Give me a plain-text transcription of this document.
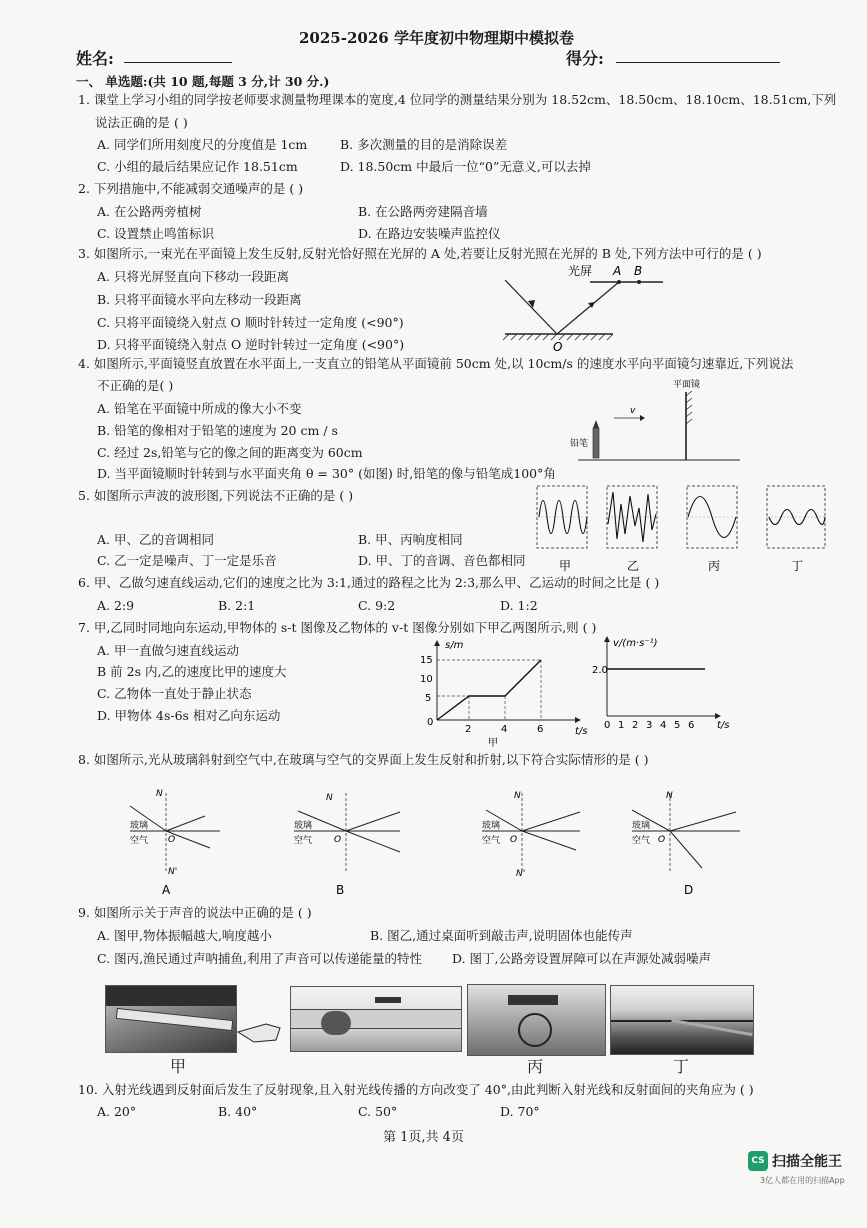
2025-2026 学年度初中物理期中模拟卷
姓名:	得分:
一、 单选题:(共 10 题,每题 3 分,计 30 分.)
1. 课堂上学习小组的同学按老师要求测量物理课本的宽度,4 位同学的测量结果分别为 18.52cm、18.50cm、18.10cm、18.51cm,下列
说法正确的是 ( )
A. 同学们所用刻度尺的分度值是 1cm	B. 多次测量的目的是消除误差
C. 小组的最后结果应记作 18.51cm	D. 18.50cm 中最后一位“0”无意义,可以去掉
2. 下列措施中,不能减弱交通噪声的是 ( )
A. 在公路两旁植树	B. 在公路两旁建隔音墙
C. 设置禁止鸣笛标识	D. 在路边安装噪声监控仪
3. 如图所示,一束光在平面镜上发生反射,反射光恰好照在光屏的 A 处,若要让反射光照在光屏的 B 处,下列方法中可行的是 ( )
A. 只将光屏竖直向下移动一段距离
B. 只将平面镜水平向左移动一段距离
C. 只将平面镜绕入射点 O 顺时针转过一定角度 (<90°)
D. 只将平面镜绕入射点 O 逆时针转过一定角度 (<90°)
光屏 A B
O
4. 如图所示,平面镜竖直放置在水平面上,一支直立的铅笔从平面镜前 50cm 处,以 10cm/s 的速度水平向平面镜匀速靠近,下列说法
不正确的是( )
A. 铅笔在平面镜中所成的像大小不变
B. 铅笔的像相对于铅笔的速度为 20 cm / s
C. 经过 2s,铅笔与它的像之间的距离变为 60cm
D. 当平面镜顺时针转到与水平面夹角 θ = 30° (如图) 时,铅笔的像与铅笔成100°角
平面镜
铅笔
v
5. 如图所示声波的波形图,下列说法不正确的是 ( )
A. 甲、乙的音调相同	B. 甲、丙响度相同
C. 乙一定是噪声、丁一定是乐音	D. 甲、丁的音调、音色都相同	甲	乙	丙	丁
6. 甲、乙做匀速直线运动,它们的速度之比为 3:1,通过的路程之比为 2:3,那么甲、乙运动的时间之比是 ( )
A. 2:9	B. 2:1	C. 9:2	D. 1:2
7. 甲,乙同时同地向东运动,甲物体的 s-t 图像及乙物体的 v-t 图像分别如下甲乙两图所示,则 ( )
A. 甲一直做匀速直线运动
B 前 2s 内,乙的速度比甲的速度大
C. 乙物体一直处于静止状态
D. 甲物体 4s-6s 相对乙向东运动
s/m
t/s
15
10
5
0
2	4	6
甲
v/(m·s⁻¹)
t/s
2.0
0 1 2 3 4 5 6
8. 如图所示,光从玻璃斜射到空气中,在玻璃与空气的交界面上发生反射和折射,以下符合实际情形的是 ( )
N
玻璃
空气 O
N'
A
N
玻璃
空气 O
B
N
玻璃
空气 O
N'
N
玻璃
空气 O
D
9. 如图所示关于声音的说法中正确的是 ( )
A. 图甲,物体振幅越大,响度越小	B. 图乙,通过桌面听到敲击声,说明固体也能传声
C. 图丙,渔民通过声呐捕鱼,利用了声音可以传递能量的特性 D. 图丁,公路旁设置屏障可以在声源处减弱噪声
甲	丙	丁
10. 入射光线遇到反射面后发生了反射现象,且入射光线传播的方向改变了 40°,由此判断入射光线和反射面间的夹角应为 ( )
A. 20°	B. 40°	C. 50°	D. 70°
第 1页,共 4页
CS 扫描全能王
3亿人都在用的扫描App
